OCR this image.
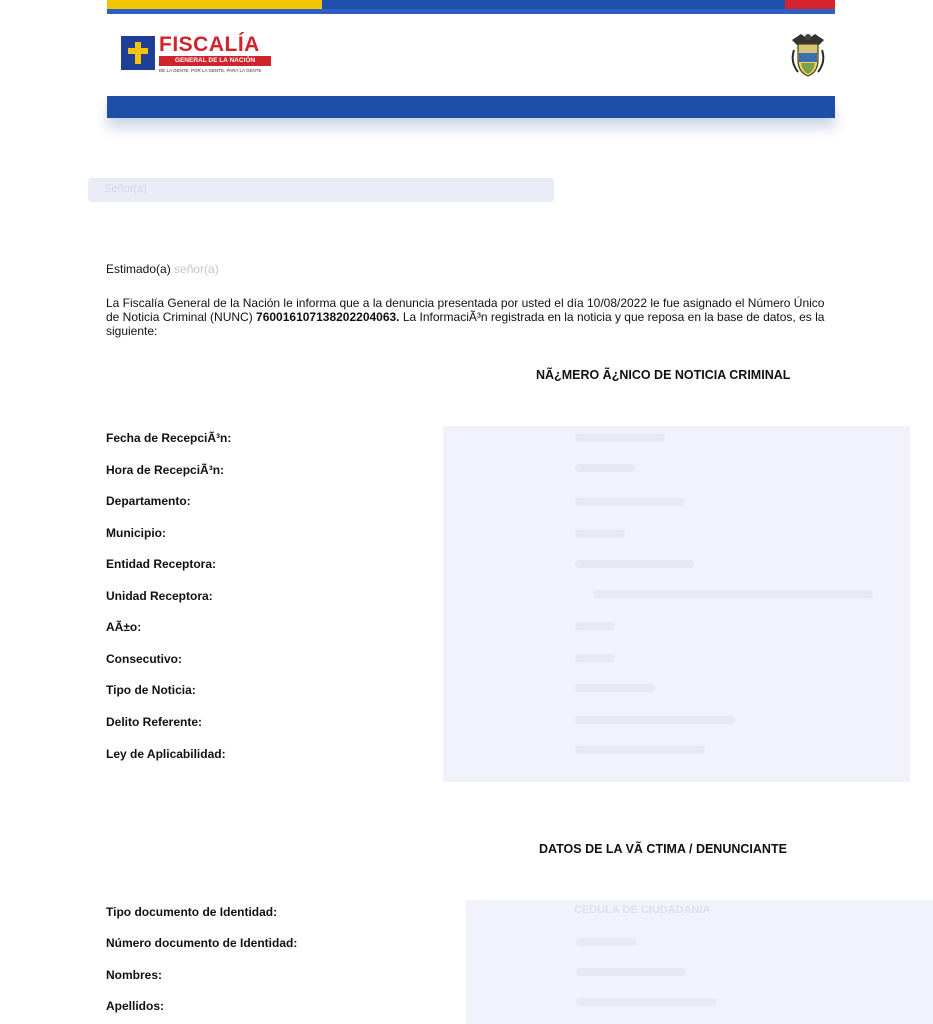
FISCALÍA
GENERAL DE LA NACIÓN
DE LA GENTE, POR LA GENTE, PARA LA GENTE
Señor(a)
Estimado(a) señor(a)
La Fiscalía General de la Nación le informa que a la denuncia presentada por usted el día 10/08/2022 le fue asignado el Número Único de Noticia Criminal (NUNC) 760016107138202204063. La InformaciÃ³n registrada en la noticia y que reposa en la base de datos, es la siguiente:
NÃ¿MERO Ã¿NICO DE NOTICIA CRIMINAL
Fecha de RecepciÃ³n:
Hora de RecepciÃ³n:
Departamento:
Municipio:
Entidad Receptora:
Unidad Receptora:
AÃ±o:
Consecutivo:
Tipo de Noticia:
Delito Referente:
Ley de Aplicabilidad:
DATOS DE LA VÃ CTIMA / DENUNCIANTE
CEDULA DE CIUDADANIA
Tipo documento de Identidad:
Número documento de Identidad:
Nombres:
Apellidos:
